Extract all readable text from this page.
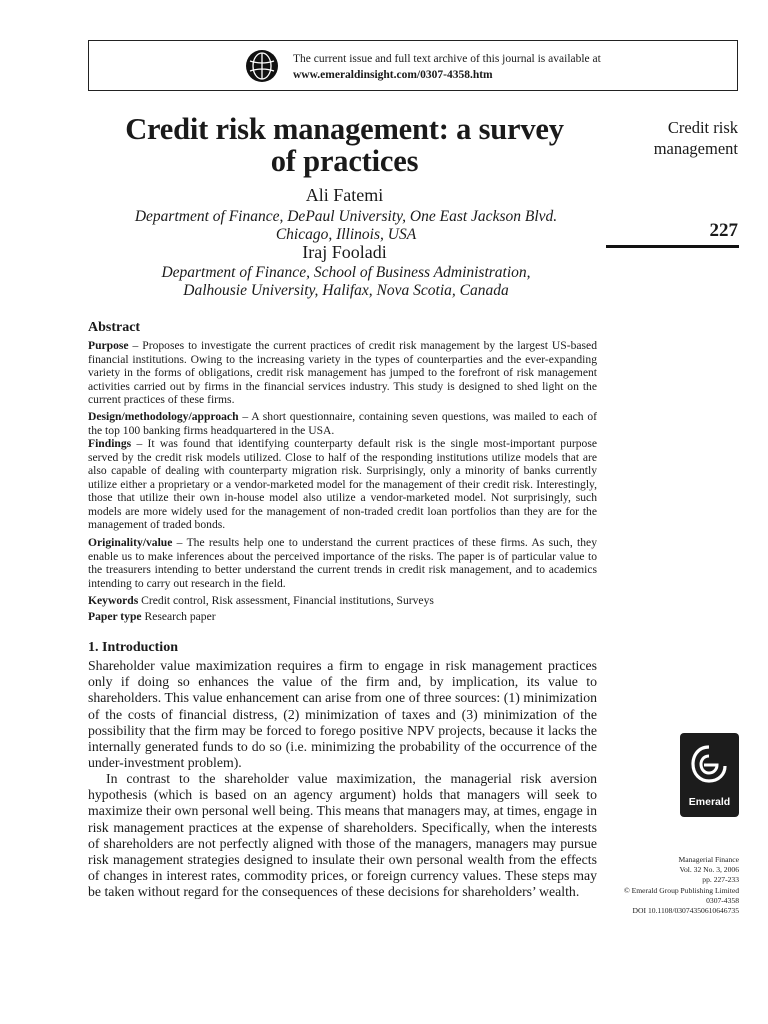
The current issue and full text archive of this journal is available at
www.emeraldinsight.com/0307-4358.htm
Credit risk management: a survey
of practices
Ali Fatemi
Department of Finance, DePaul University, One East Jackson Blvd.
Chicago, Illinois, USA
Iraj Fooladi
Department of Finance, School of Business Administration,
Dalhousie University, Halifax, Nova Scotia, Canada
Credit risk
management
227
Abstract
Purpose – Proposes to investigate the current practices of credit risk management by the largest US-based financial institutions. Owing to the increasing variety in the types of counterparties and the ever-expanding variety in the forms of obligations, credit risk management has jumped to the forefront of risk management activities carried out by firms in the financial services industry. This study is designed to shed light on the current practices of these firms.
Design/methodology/approach – A short questionnaire, containing seven questions, was mailed to each of the top 100 banking firms headquartered in the USA.
Findings – It was found that identifying counterparty default risk is the single most-important purpose served by the credit risk models utilized. Close to half of the responding institutions utilize models that are also capable of dealing with counterparty migration risk. Surprisingly, only a minority of banks currently utilize either a proprietary or a vendor-marketed model for the management of their credit risk. Interestingly, those that utilize their own in-house model also utilize a vendor-marketed model. Not surprisingly, such models are more widely used for the management of non-traded credit loan portfolios than they are for the management of traded bonds.
Originality/value – The results help one to understand the current practices of these firms. As such, they enable us to make inferences about the perceived importance of the risks. The paper is of particular value to the treasurers intending to better understand the current trends in credit risk management, and to academics intending to carry out research in the field.
Keywords Credit control, Risk assessment, Financial institutions, Surveys
Paper type Research paper
1. Introduction
Shareholder value maximization requires a firm to engage in risk management practices only if doing so enhances the value of the firm and, by implication, its value to shareholders. This value enhancement can arise from one of three sources: (1) minimization of the costs of financial distress, (2) minimization of taxes and (3) minimization of the possibility that the firm may be forced to forego positive NPV projects, because it lacks the internally generated funds to do so (i.e. minimizing the probability of the occurrence of the under-investment problem).
In contrast to the shareholder value maximization, the managerial risk aversion hypothesis (which is based on an agency argument) holds that managers will seek to maximize their own personal well being. This means that managers may, at times, engage in risk management practices at the expense of shareholders. Specifically, when the interests of shareholders are not perfectly aligned with those of the managers, managers may pursue risk management strategies designed to insulate their own personal wealth from the effects of changes in interest rates, commodity prices, or foreign currency values. These steps may be taken without regard for the consequences of these decisions for shareholders’ wealth.
Emerald
Managerial Finance
Vol. 32 No. 3, 2006
pp. 227-233
© Emerald Group Publishing Limited
0307-4358
DOI 10.1108/03074350610646735
